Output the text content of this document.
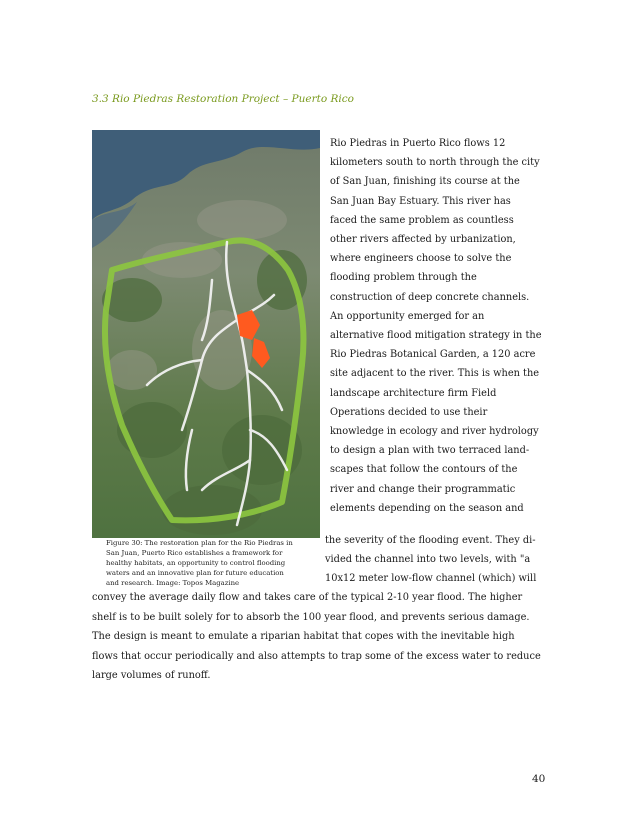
3.3 Rio Piedras Restoration Project – Puerto Rico
Figure 30: The restoration plan for the Rio Piedras in
San Juan, Puerto Rico establishes a framework for
healthy habitats, an opportunity to control flooding
waters and an innovative plan for future education
and research. Image: Topos Magazine
Rio Piedras in Puerto Rico flows 12
kilometers south to north through the city
of San Juan, finishing its course at the
San Juan Bay Estuary. This river has
faced the same problem as countless
other rivers affected by urbanization,
where engineers choose to solve the
flooding problem through the
construction of deep concrete channels.
An opportunity emerged for an
alternative flood mitigation strategy in the
Rio Piedras Botanical Garden, a 120 acre
site adjacent to the river. This is when the
landscape architecture firm Field
Operations decided to use their
knowledge in ecology and river hydrology
to design a plan with two terraced land-
scapes that follow the contours of the
river and change their programmatic
elements depending on the season and
the severity of the flooding event. They di-
vided the channel into two levels, with "a
10x12 meter low-flow channel (which) will
convey the average daily flow and takes care of the typical 2-10 year flood. The higher
shelf is to be built solely for to absorb the 100 year flood, and prevents serious damage.
The design is meant to emulate a riparian habitat that copes with the inevitable high
flows that occur periodically and also attempts to trap some of the excess water to reduce
large volumes of runoff.
40
